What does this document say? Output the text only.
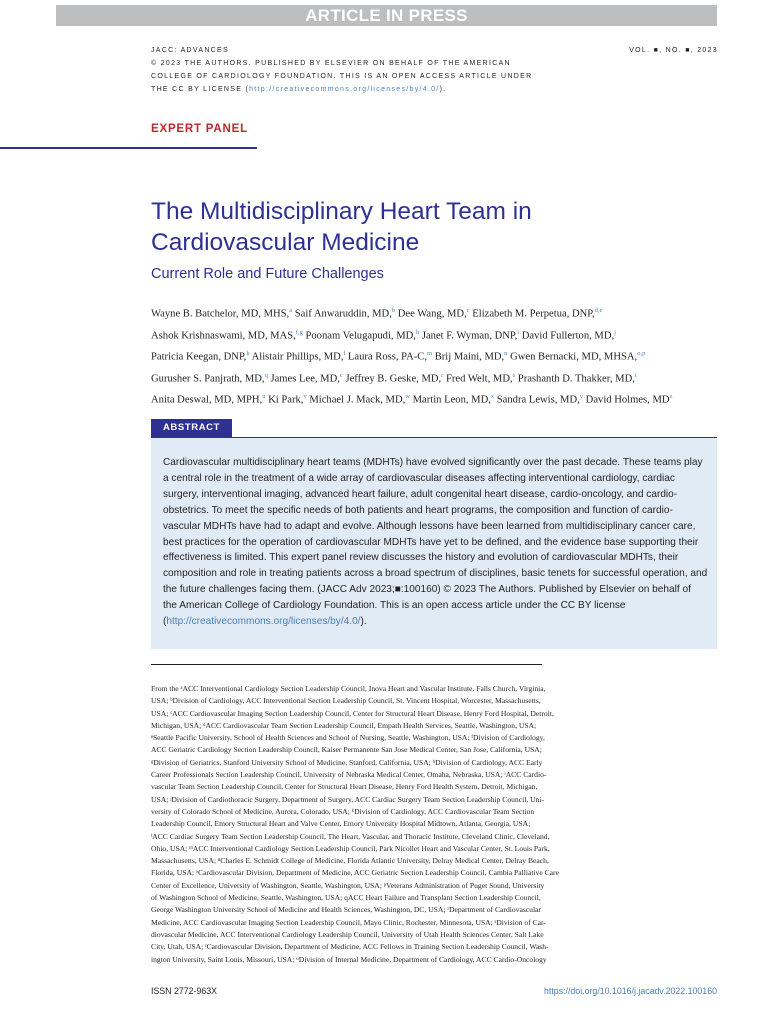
ARTICLE IN PRESS
JACC: ADVANCES
© 2023 THE AUTHORS. PUBLISHED BY ELSEVIER ON BEHALF OF THE AMERICAN
COLLEGE OF CARDIOLOGY FOUNDATION. THIS IS AN OPEN ACCESS ARTICLE UNDER
THE CC BY LICENSE (http://creativecommons.org/licenses/by/4.0/).
VOL. ■, NO. ■, 2023
EXPERT PANEL
The Multidisciplinary Heart Team in Cardiovascular Medicine
Current Role and Future Challenges
Wayne B. Batchelor, MD, MHS,$^a$ Saif Anwaruddin, MD,$^b$ Dee Wang, MD,$^c$ Elizabeth M. Perpetua, DNP,$^{d,e}$
Ashok Krishnaswami, MD, MAS,$^{f,g}$ Poonam Velugapudi, MD,$^h$ Janet F. Wyman, DNP,$^i$ David Fullerton, MD,$^j$
Patricia Keegan, DNP,$^k$ Alistair Phillips, MD,$^l$ Laura Ross, PA-C,$^m$ Brij Maini, MD,$^n$ Gwen Bernacki, MD, MHSA,$^{o,p}$
Gurusher S. Panjrath, MD,$^q$ James Lee, MD,$^c$ Jeffrey B. Geske, MD,$^r$ Fred Welt, MD,$^s$ Prashanth D. Thakker, MD,$^t$
Anita Deswal, MD, MPH,$^u$ Ki Park,$^v$ Michael J. Mack, MD,$^w$ Martin Leon, MD,$^x$ Sandra Lewis, MD,$^y$ David Holmes, $MD^z$
ABSTRACT
Cardiovascular multidisciplinary heart teams (MDHTs) have evolved significantly over the past decade. These teams play
a central role in the treatment of a wide array of cardiovascular diseases affecting interventional cardiology, cardiac
surgery, interventional imaging, advanced heart failure, adult congenital heart disease, cardio-oncology, and cardio-
obstetrics. To meet the specific needs of both patients and heart programs, the composition and function of cardio-
vascular MDHTs have had to adapt and evolve. Although lessons have been learned from multidisciplinary cancer care,
best practices for the operation of cardiovascular MDHTs have yet to be defined, and the evidence base supporting their
effectiveness is limited. This expert panel review discusses the history and evolution of cardiovascular MDHTs, their
composition and role in treating patients across a broad spectrum of disciplines, basic tenets for successful operation, and
the future challenges facing them. (JACC Adv 2023;■:100160) © 2023 The Authors. Published by Elsevier on behalf of
the American College of Cardiology Foundation. This is an open access article under the CC BY license
(http://creativecommons.org/licenses/by/4.0/).
From the ᵃACC Interventional Cardiology Section Leadership Council, Inova Heart and Vascular Institute, Falls Church, Virginia,
USA; ᵇDivision of Cardiology, ACC Interventional Section Leadership Council, St. Vincent Hospital, Worcester, Massachusetts,
USA; ᶜACC Cardiovascular Imaging Section Leadership Council, Center for Structural Heart Disease, Henry Ford Hospital, Detroit,
Michigan, USA; ᵈACC Cardiovascular Team Section Leadership Council, Empath Health Services, Seattle, Washington, USA;
ᵉSeattle Pacific University, School of Health Sciences and School of Nursing, Seattle, Washington, USA; ᶠDivision of Cardiology,
ACC Geriatric Cardiology Section Leadership Council, Kaiser Permanente San Jose Medical Center, San Jose, California, USA;
ᵍDivision of Geriatrics, Stanford University School of Medicine, Stanford, California, USA; ʰDivision of Cardiology, ACC Early
Career Professionals Section Leadership Council, University of Nebraska Medical Center, Omaha, Nebraska, USA; ⁱACC Cardio-
vascular Team Section Leadership Council, Center for Structural Heart Disease, Henry Ford Health System, Detroit, Michigan,
USA; ʲDivision of Cardiothoracic Surgery, Department of Surgery, ACC Cardiac Surgery Team Section Leadership Council, Uni-
versity of Colorado School of Medicine, Aurora, Colorado, USA; ᵏDivision of Cardiology, ACC Cardiovascular Team Section
Leadership Council, Emory Structural Heart and Valve Center, Emory University Hospital Midtown, Atlanta, Georgia, USA;
ˡACC Cardiac Surgery Team Section Leadership Council, The Heart, Vascular, and Thoracic Institute, Cleveland Clinic, Cleveland,
Ohio, USA; ᵐACC Interventional Cardiology Section Leadership Council, Park Nicollet Heart and Vascular Center, St. Louis Park,
Massachusetts, USA; ⁿCharles E. Schmidt College of Medicine, Florida Atlantic University, Delray Medical Center, Delray Beach,
Florida, USA; ᵒCardiovascular Division, Department of Medicine, ACC Geriatric Section Leadership Council, Cambia Palliative Care
Center of Excellence, University of Washington, Seattle, Washington, USA; ᵖVeterans Administration of Puget Sound, University
of Washington School of Medicine, Seattle, Washington, USA; qACC Heart Failure and Transplant Section Leadership Council,
George Washington University School of Medicine and Health Sciences, Washington, DC, USA; ʳDepartment of Cardiovascular
Medicine, ACC Cardiovascular Imaging Section Leadership Council, Mayo Clinic, Rochester, Minnesota, USA; ˢDivision of Car-
diovascular Medicine, ACC Interventional Cardiology Leadership Council, University of Utah Health Sciences Center, Salt Lake
City, Utah, USA; ᵗCardiovascular Division, Department of Medicine, ACC Fellows in Training Section Leadership Council, Wash-
ington University, Saint Louis, Missouri, USA; ᵘDivision of Internal Medicine, Department of Cardiology, ACC Cardio-Oncology
ISSN 2772-963X	https://doi.org/10.1016/j.jacadv.2022.100160
